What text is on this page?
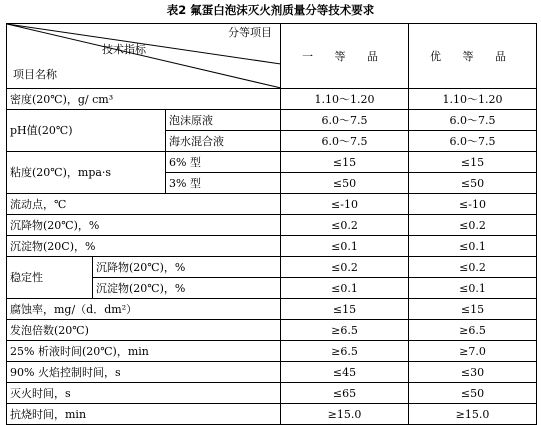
表2 氟蛋白泡沫灭火剂质量分等技术要求
分等项目
技术指标
项目名称			一 等 品	优 等 品
密度(20℃)，g/ cm³			1.10～1.20	1.10～1.20
pH值(20℃)		泡沫原液	6.0～7.5	6.0～7.5
		海水混合液	6.0～7.5	6.0～7.5
粘度(20℃)，mpa·s		6% 型	≤15	≤15
		3% 型	≤50	≤50
流动点，℃			≤-10	≤-10
沉降物(20℃)，%			≤0.2	≤0.2
沉淀物(20C)，%			≤0.1	≤0.1
稳定性	沉降物(20℃)，%		≤0.2	≤0.2
	沉淀物(20℃)，%		≤0.1	≤0.1
腐蚀率，mg/（d．dm²）			≤15	≤15
发泡倍数(20℃)			≥6.5	≥6.5
25% 析液时间(20℃)，min			≥6.5	≥7.0
90% 火焰控制时间，s			≤45	≤30
灭火时间，s			≤65	≤50
抗烧时间，min			≥15.0	≥15.0
